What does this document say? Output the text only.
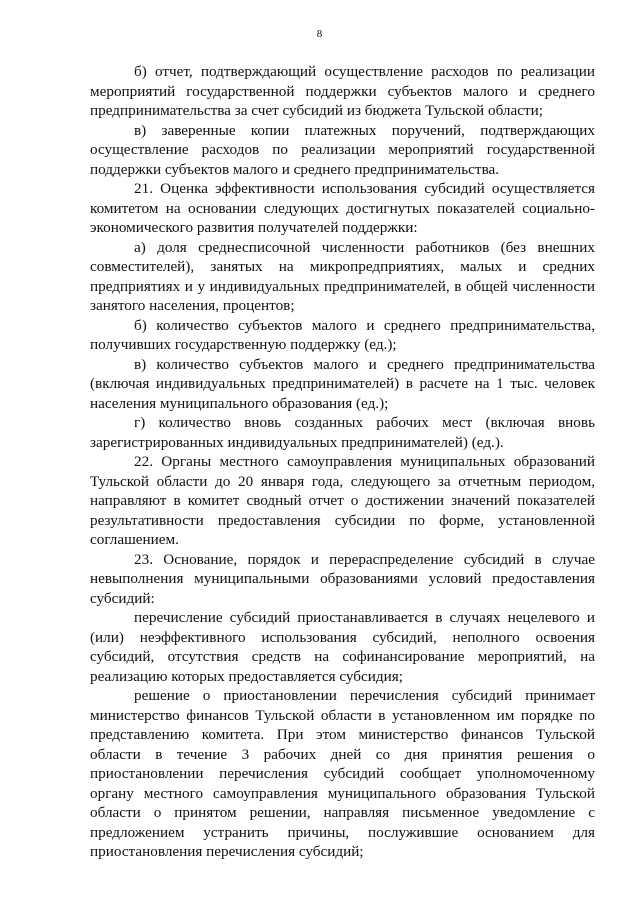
8

б) отчет, подтверждающий осуществление расходов по реализации мероприятий государственной поддержки субъектов малого и среднего предпринимательства за счет субсидий из бюджета Тульской области;

в) заверенные копии платежных поручений, подтверждающих осуществление расходов по реализации мероприятий государственной поддержки субъектов малого и среднего предпринимательства.

21. Оценка эффективности использования субсидий осуществляется комитетом на основании следующих достигнутых показателей социально-экономического развития получателей поддержки:

а) доля среднесписочной численности работников (без внешних совместителей), занятых на микропредприятиях, малых и средних предприятиях и у индивидуальных предпринимателей, в общей численности занятого населения, процентов;

б) количество субъектов малого и среднего предпринимательства, получивших государственную поддержку (ед.);

в) количество субъектов малого и среднего предпринимательства (включая индивидуальных предпринимателей) в расчете на 1 тыс. человек населения муниципального образования (ед.);

г) количество вновь созданных рабочих мест (включая вновь зарегистрированных индивидуальных предпринимателей) (ед.).

22. Органы местного самоуправления муниципальных образований Тульской области до 20 января года, следующего за отчетным периодом, направляют в комитет сводный отчет о достижении значений показателей результативности предоставления субсидии по форме, установленной соглашением.

23. Основание, порядок и перераспределение субсидий в случае невыполнения муниципальными образованиями условий предоставления субсидий:

перечисление субсидий приостанавливается в случаях нецелевого и (или) неэффективного использования субсидий, неполного освоения субсидий, отсутствия средств на софинансирование мероприятий, на реализацию которых предоставляется субсидия;

решение о приостановлении перечисления субсидий принимает министерство финансов Тульской области в установленном им порядке по представлению комитета. При этом министерство финансов Тульской области в течение 3 рабочих дней со дня принятия решения о приостановлении перечисления субсидий сообщает уполномоченному органу местного самоуправления муниципального образования Тульской области о принятом решении, направляя письменное уведомление с предложением устранить причины, послужившие основанием для приостановления перечисления субсидий;
